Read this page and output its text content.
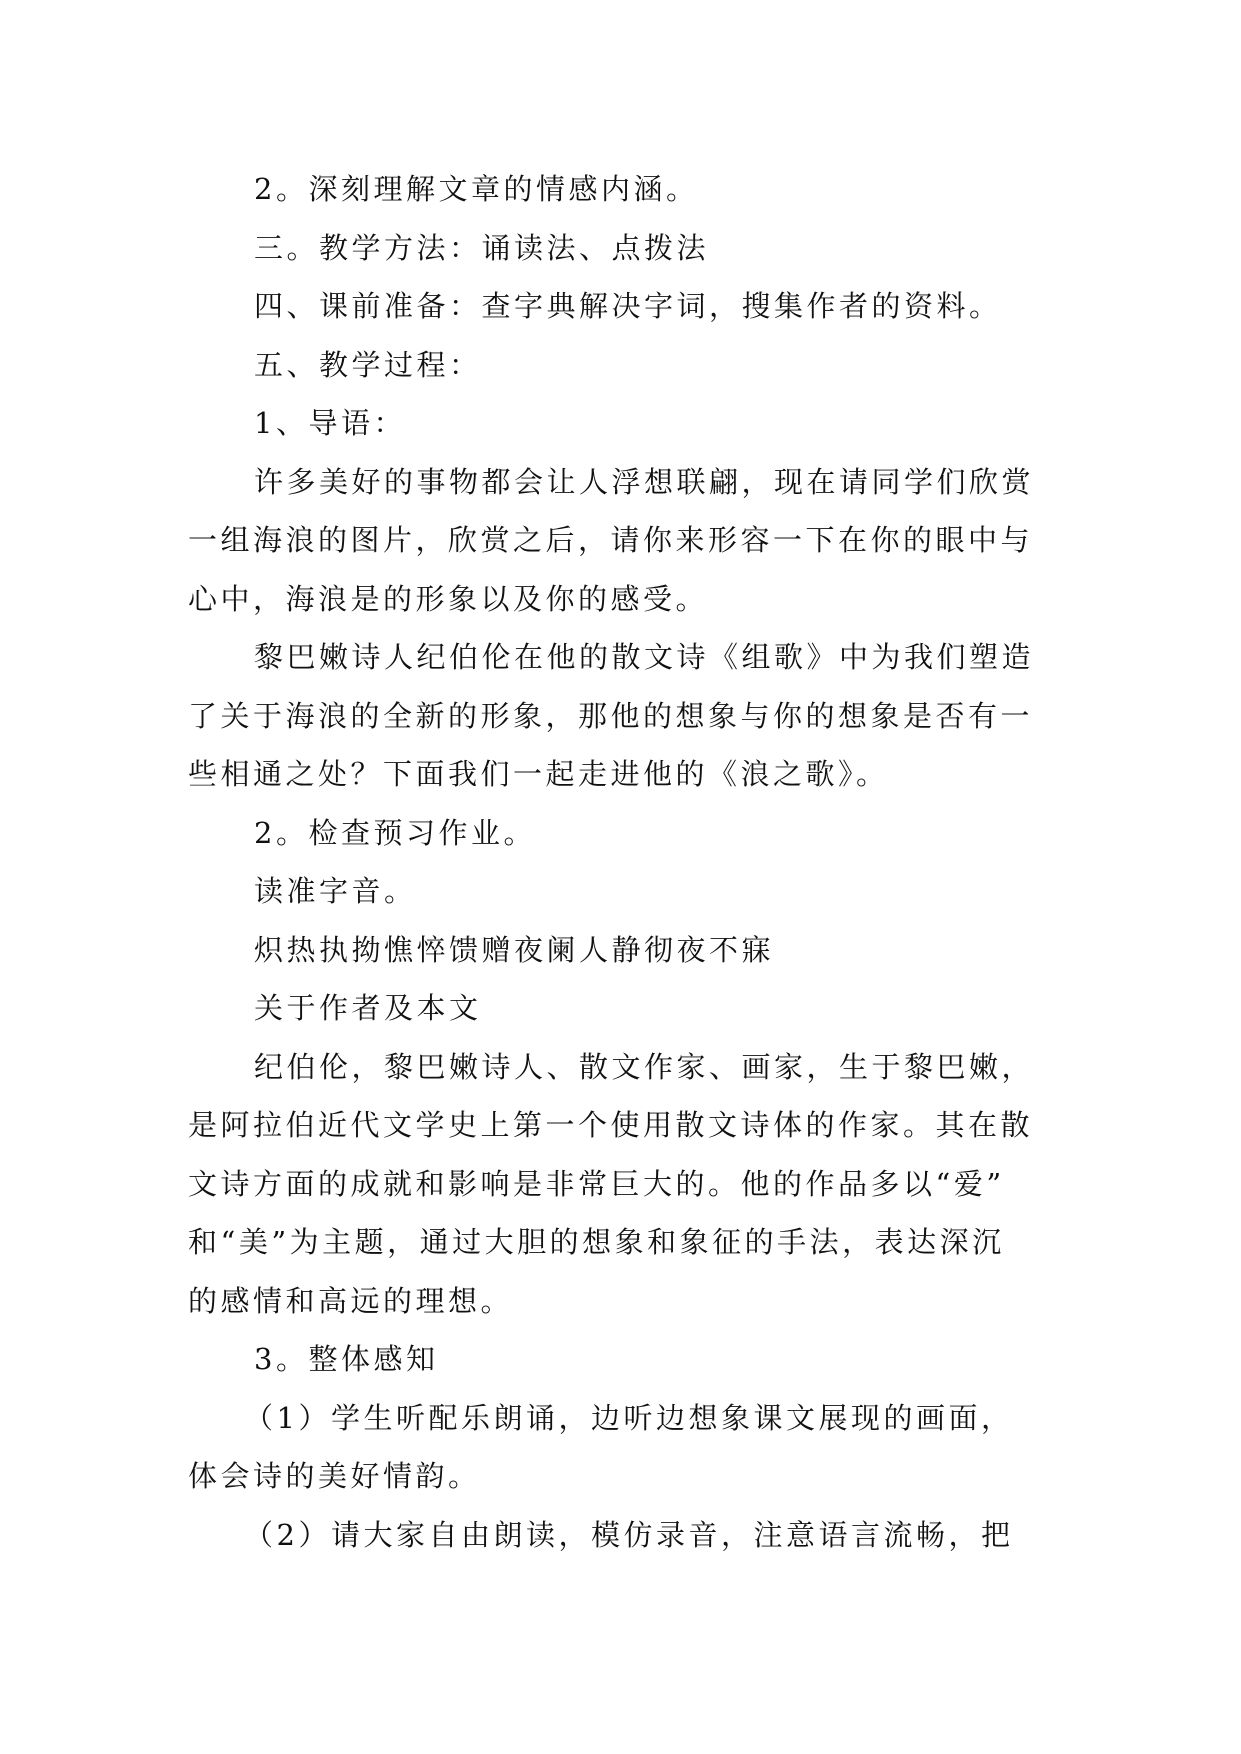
2。深刻理解文章的情感内涵。
三。教学方法：诵读法、点拨法
四、课前准备：查字典解决字词，搜集作者的资料。
五、教学过程：
1、导语：
许多美好的事物都会让人浮想联翩，现在请同学们欣赏
一组海浪的图片，欣赏之后，请你来形容一下在你的眼中与
心中，海浪是的形象以及你的感受。
黎巴嫩诗人纪伯伦在他的散文诗《组歌》中为我们塑造
了关于海浪的全新的形象，那他的想象与你的想象是否有一
些相通之处？下面我们一起走进他的《浪之歌》。
2。检查预习作业。
读准字音。
炽热执拗憔悴馈赠夜阑人静彻夜不寐
关于作者及本文
纪伯伦，黎巴嫩诗人、散文作家、画家，生于黎巴嫩，
是阿拉伯近代文学史上第一个使用散文诗体的作家。其在散
文诗方面的成就和影响是非常巨大的。他的作品多以“爱”
和“美”为主题，通过大胆的想象和象征的手法，表达深沉
的感情和高远的理想。
3。整体感知
（1）学生听配乐朗诵，边听边想象课文展现的画面，
体会诗的美好情韵。
（2）请大家自由朗读，模仿录音，注意语言流畅，把
